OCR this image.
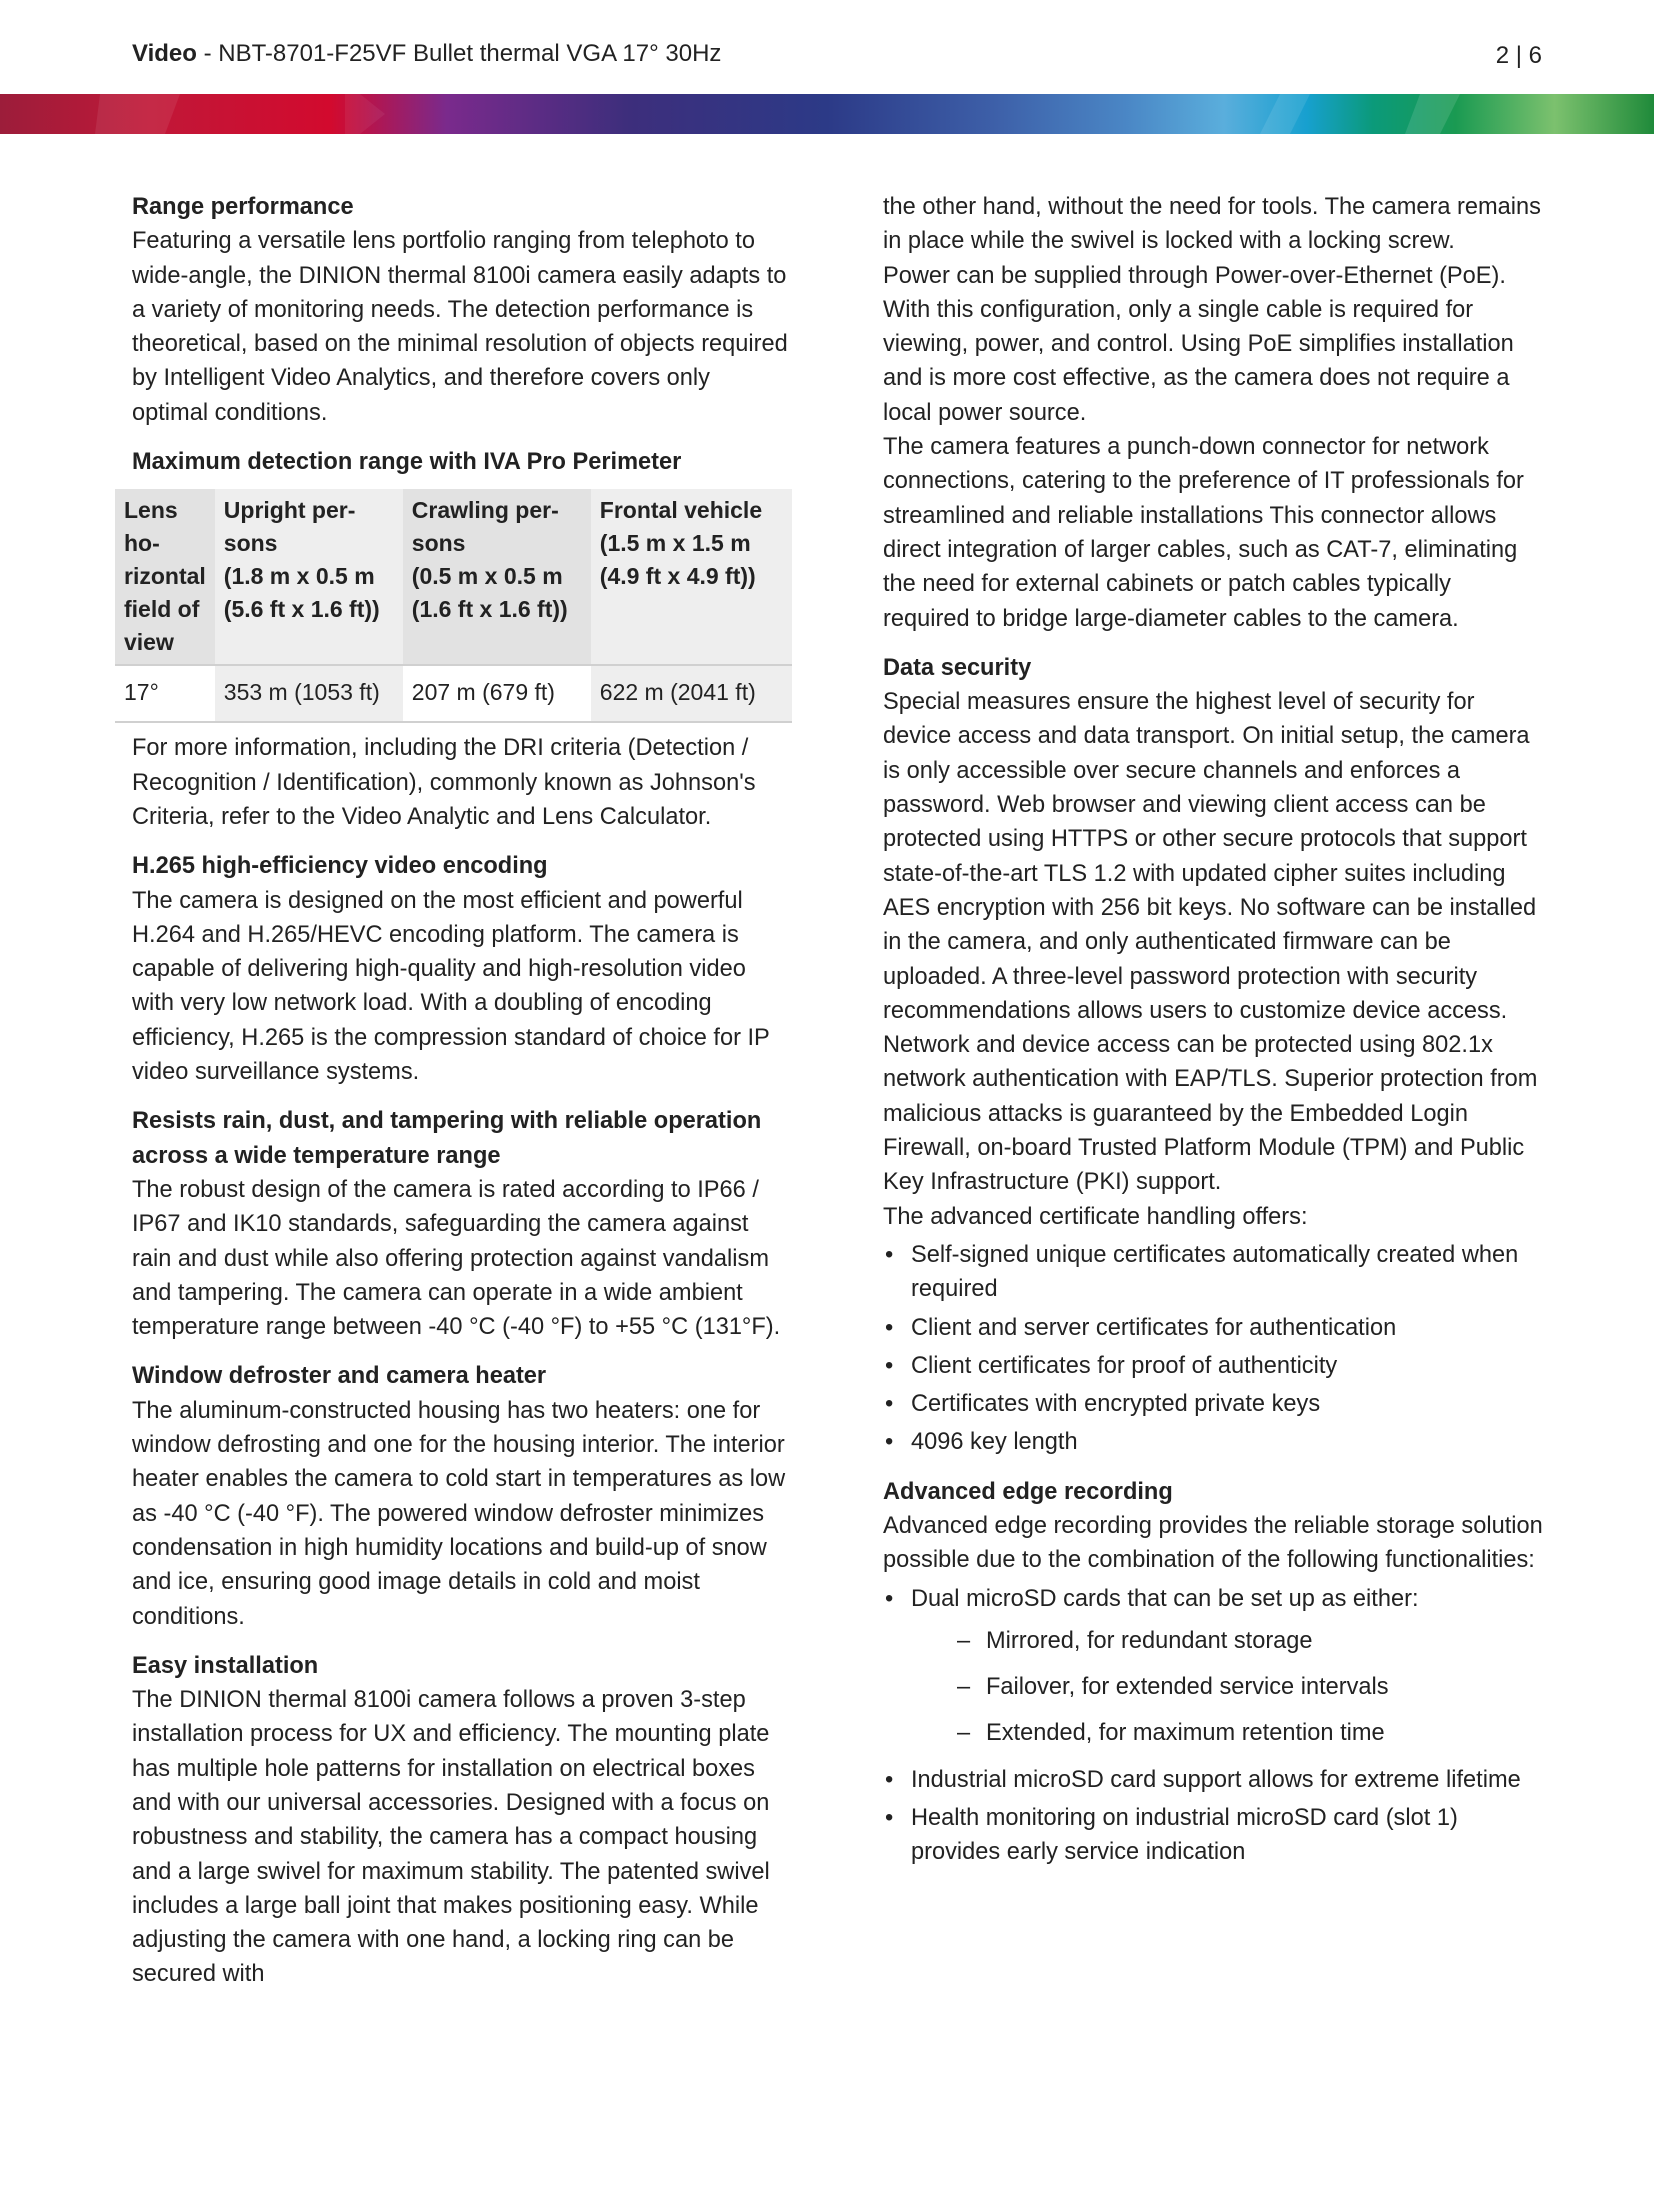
Video - NBT-8701-F25VF Bullet thermal VGA 17° 30Hz	2 | 6

Range performance

Featuring a versatile lens portfolio ranging from telephoto to wide-angle, the DINION thermal 8100i camera easily adapts to a variety of monitoring needs. The detection performance is theoretical, based on the minimal resolution of objects required by Intelligent Video Analytics, and therefore covers only optimal conditions.

Maximum detection range with IVA Pro Perimeter

Lens ho-
rizontal
field of
view	Upright per-
sons
(1.8 m x 0.5 m
(5.6 ft x 1.6 ft))	Crawling per-
sons
(0.5 m x 0.5 m
(1.6 ft x 1.6 ft))	Frontal vehicle
(1.5 m x 1.5 m
(4.9 ft x 4.9 ft))
17°	353 m (1053 ft)	207 m (679 ft)	622 m (2041 ft)

For more information, including the DRI criteria (Detection / Recognition / Identification), commonly known as Johnson's Criteria, refer to the Video Analytic and Lens Calculator.

H.265 high-efficiency video encoding

The camera is designed on the most efficient and powerful H.264 and H.265/HEVC encoding platform. The camera is capable of delivering high-quality and high-resolution video with very low network load. With a doubling of encoding efficiency, H.265 is the compression standard of choice for IP video surveillance systems.

Resists rain, dust, and tampering with reliable operation across a wide temperature range

The robust design of the camera is rated according to IP66 / IP67 and IK10 standards, safeguarding the camera against rain and dust while also offering protection against vandalism and tampering. The camera can operate in a wide ambient temperature range between -40 °C (-40 °F) to +55 °C (131°F).

Window defroster and camera heater

The aluminum-constructed housing has two heaters: one for window defrosting and one for the housing interior. The interior heater enables the camera to cold start in temperatures as low as -40 °C (-40 °F). The powered window defroster minimizes condensation in high humidity locations and build-up of snow and ice, ensuring good image details in cold and moist conditions.

Easy installation

The DINION thermal 8100i camera follows a proven 3-step installation process for UX and efficiency. The mounting plate has multiple hole patterns for installation on electrical boxes and with our universal accessories. Designed with a focus on robustness and stability, the camera has a compact housing and a large swivel for maximum stability. The patented swivel includes a large ball joint that makes positioning easy. While adjusting the camera with one hand, a locking ring can be secured with

the other hand, without the need for tools. The camera remains in place while the swivel is locked with a locking screw.

Power can be supplied through Power-over-Ethernet (PoE). With this configuration, only a single cable is required for viewing, power, and control. Using PoE simplifies installation and is more cost effective, as the camera does not require a local power source.

The camera features a punch-down connector for network connections, catering to the preference of IT professionals for streamlined and reliable installations This connector allows direct integration of larger cables, such as CAT-7, eliminating the need for external cabinets or patch cables typically required to bridge large-diameter cables to the camera.

Data security

Special measures ensure the highest level of security for device access and data transport. On initial setup, the camera is only accessible over secure channels and enforces a password. Web browser and viewing client access can be protected using HTTPS or other secure protocols that support state-of-the-art TLS 1.2 with updated cipher suites including AES encryption with 256 bit keys. No software can be installed in the camera, and only authenticated firmware can be uploaded. A three-level password protection with security recommendations allows users to customize device access.

Network and device access can be protected using 802.1x network authentication with EAP/TLS. Superior protection from malicious attacks is guaranteed by the Embedded Login Firewall, on-board Trusted Platform Module (TPM) and Public Key Infrastructure (PKI) support.

The advanced certificate handling offers:

• Self-signed unique certificates automatically created when required
• Client and server certificates for authentication
• Client certificates for proof of authenticity
• Certificates with encrypted private keys
• 4096 key length

Advanced edge recording

Advanced edge recording provides the reliable storage solution possible due to the combination of the following functionalities:

• Dual microSD cards that can be set up as either:
– Mirrored, for redundant storage
– Failover, for extended service intervals
– Extended, for maximum retention time
• Industrial microSD card support allows for extreme lifetime
• Health monitoring on industrial microSD card (slot 1) provides early service indication
